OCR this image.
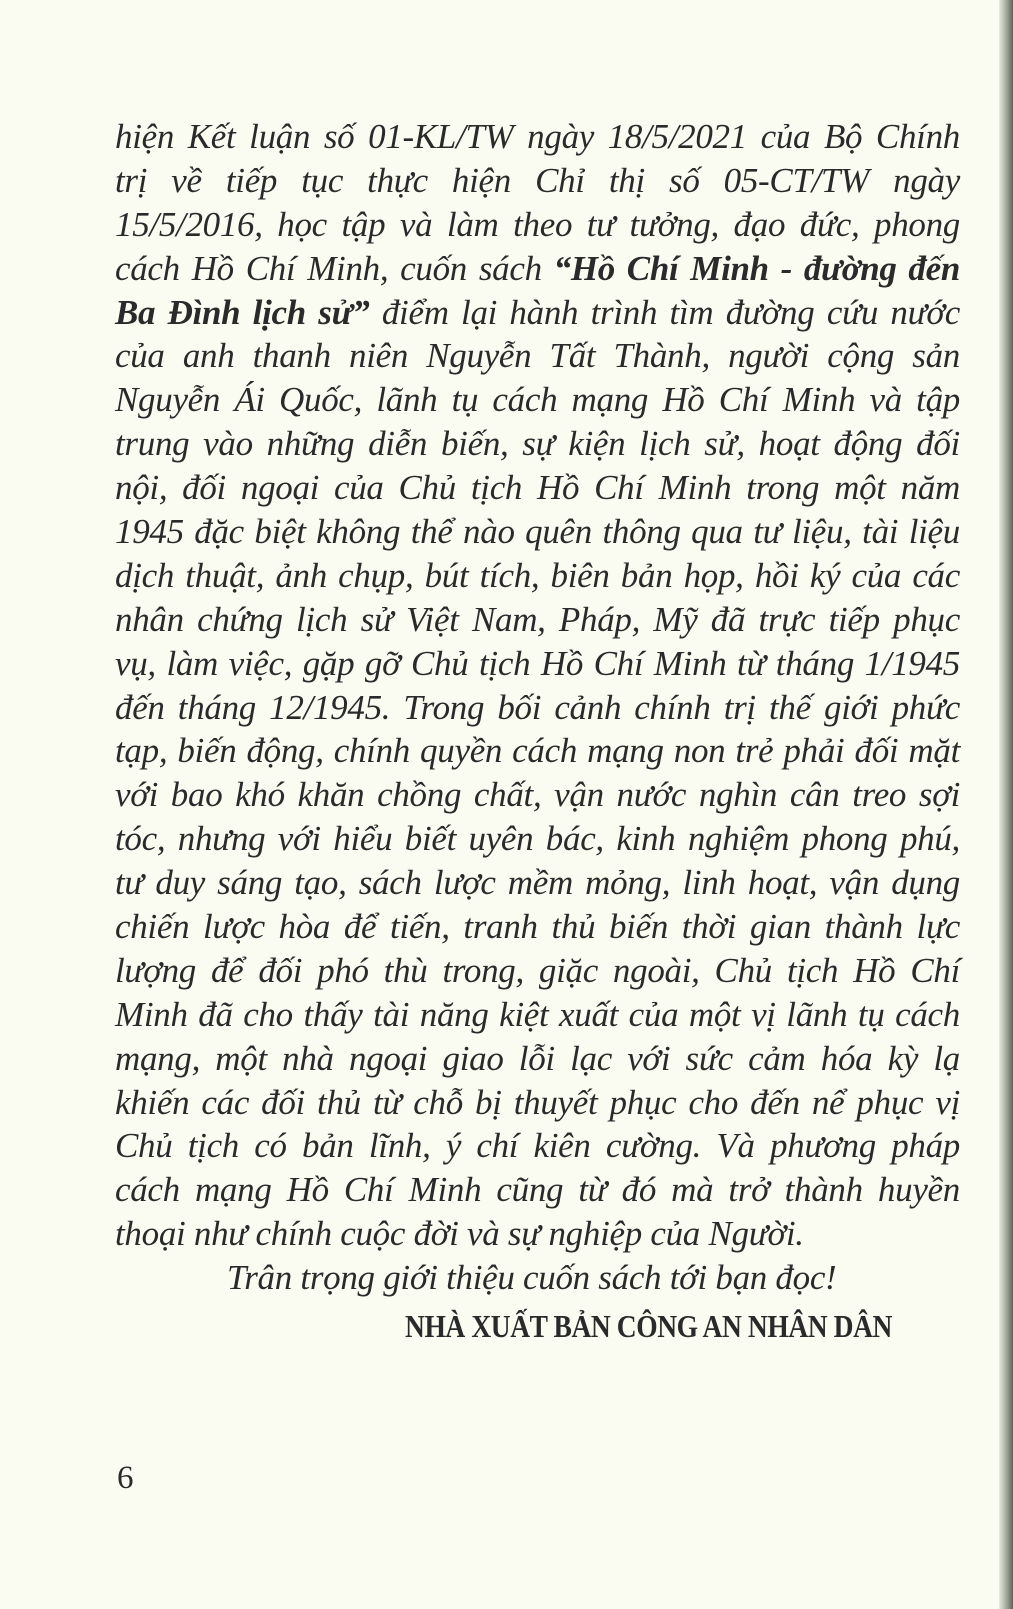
hiện Kết luận số 01-KL/TW ngày 18/5/2021 của Bộ Chính
trị về tiếp tục thực hiện Chỉ thị số 05-CT/TW ngày
15/5/2016, học tập và làm theo tư tưởng, đạo đức, phong
cách Hồ Chí Minh, cuốn sách “Hồ Chí Minh - đường đến
Ba Đình lịch sử” điểm lại hành trình tìm đường cứu nước
của anh thanh niên Nguyễn Tất Thành, người cộng sản
Nguyễn Ái Quốc, lãnh tụ cách mạng Hồ Chí Minh và tập
trung vào những diễn biến, sự kiện lịch sử, hoạt động đối
nội, đối ngoại của Chủ tịch Hồ Chí Minh trong một năm
1945 đặc biệt không thể nào quên thông qua tư liệu, tài liệu
dịch thuật, ảnh chụp, bút tích, biên bản họp, hồi ký của các
nhân chứng lịch sử Việt Nam, Pháp, Mỹ đã trực tiếp phục
vụ, làm việc, gặp gỡ Chủ tịch Hồ Chí Minh từ tháng 1/1945
đến tháng 12/1945. Trong bối cảnh chính trị thế giới phức
tạp, biến động, chính quyền cách mạng non trẻ phải đối mặt
với bao khó khăn chồng chất, vận nước nghìn cân treo sợi
tóc, nhưng với hiểu biết uyên bác, kinh nghiệm phong phú,
tư duy sáng tạo, sách lược mềm mỏng, linh hoạt, vận dụng
chiến lược hòa để tiến, tranh thủ biến thời gian thành lực
lượng để đối phó thù trong, giặc ngoài, Chủ tịch Hồ Chí
Minh đã cho thấy tài năng kiệt xuất của một vị lãnh tụ cách
mạng, một nhà ngoại giao lỗi lạc với sức cảm hóa kỳ lạ
khiến các đối thủ từ chỗ bị thuyết phục cho đến nể phục vị
Chủ tịch có bản lĩnh, ý chí kiên cường. Và phương pháp
cách mạng Hồ Chí Minh cũng từ đó mà trở thành huyền
thoại như chính cuộc đời và sự nghiệp của Người.
Trân trọng giới thiệu cuốn sách tới bạn đọc!
NHÀ XUẤT BẢN CÔNG AN NHÂN DÂN
6
